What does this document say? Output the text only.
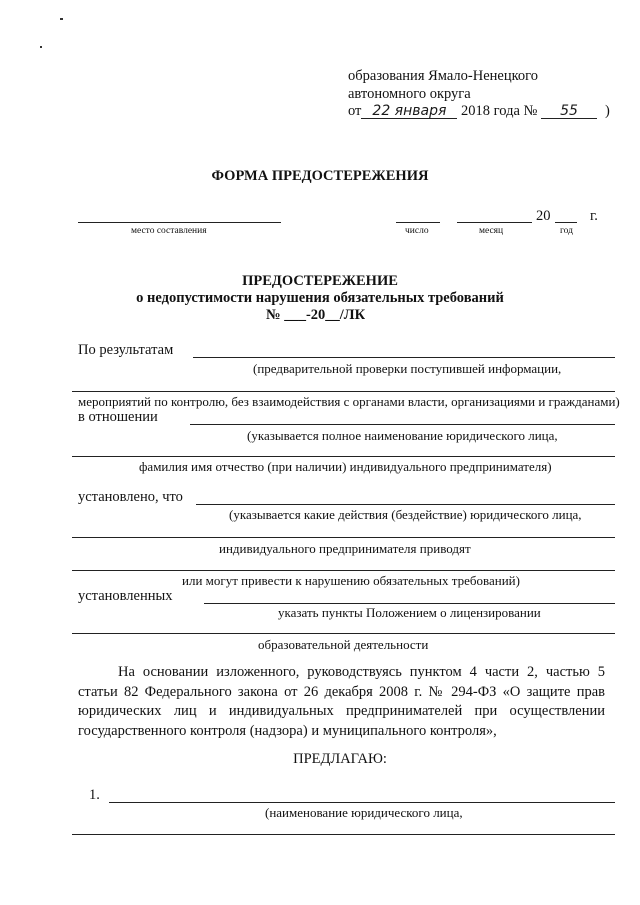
образования Ямало-Ненецкого
автономного округа
от 22 января 2018 года № 55 )
ФОРМА ПРЕДОСТЕРЕЖЕНИЯ
место составления	число	месяц
20
год
г.
ПРЕДОСТЕРЕЖЕНИЕ
о недопустимости нарушения обязательных требований
№ ___-20__/ЛК
По результатам
(предварительной проверки поступившей информации,
мероприятий по контролю, без взаимодействия с органами власти, организациями и гражданами)
в отношении
(указывается полное наименование юридического лица,
фамилия имя отчество (при наличии) индивидуального предпринимателя)
установлено, что
(указывается какие действия (бездействие) юридического лица,
индивидуального предпринимателя приводят
или могут привести к нарушению обязательных требований)
установленных
указать пункты Положением о лицензировании
образовательной деятельности
На основании изложенного, руководствуясь пунктом 4 части 2, частью 5 статьи 82 Федерального закона от 26 декабря 2008 г. № 294-ФЗ «О защите прав юридических лиц и индивидуальных предпринимателей при осуществлении государственного контроля (надзора) и муниципального контроля»,
ПРЕДЛАГАЮ:
1.
(наименование юридического лица,
